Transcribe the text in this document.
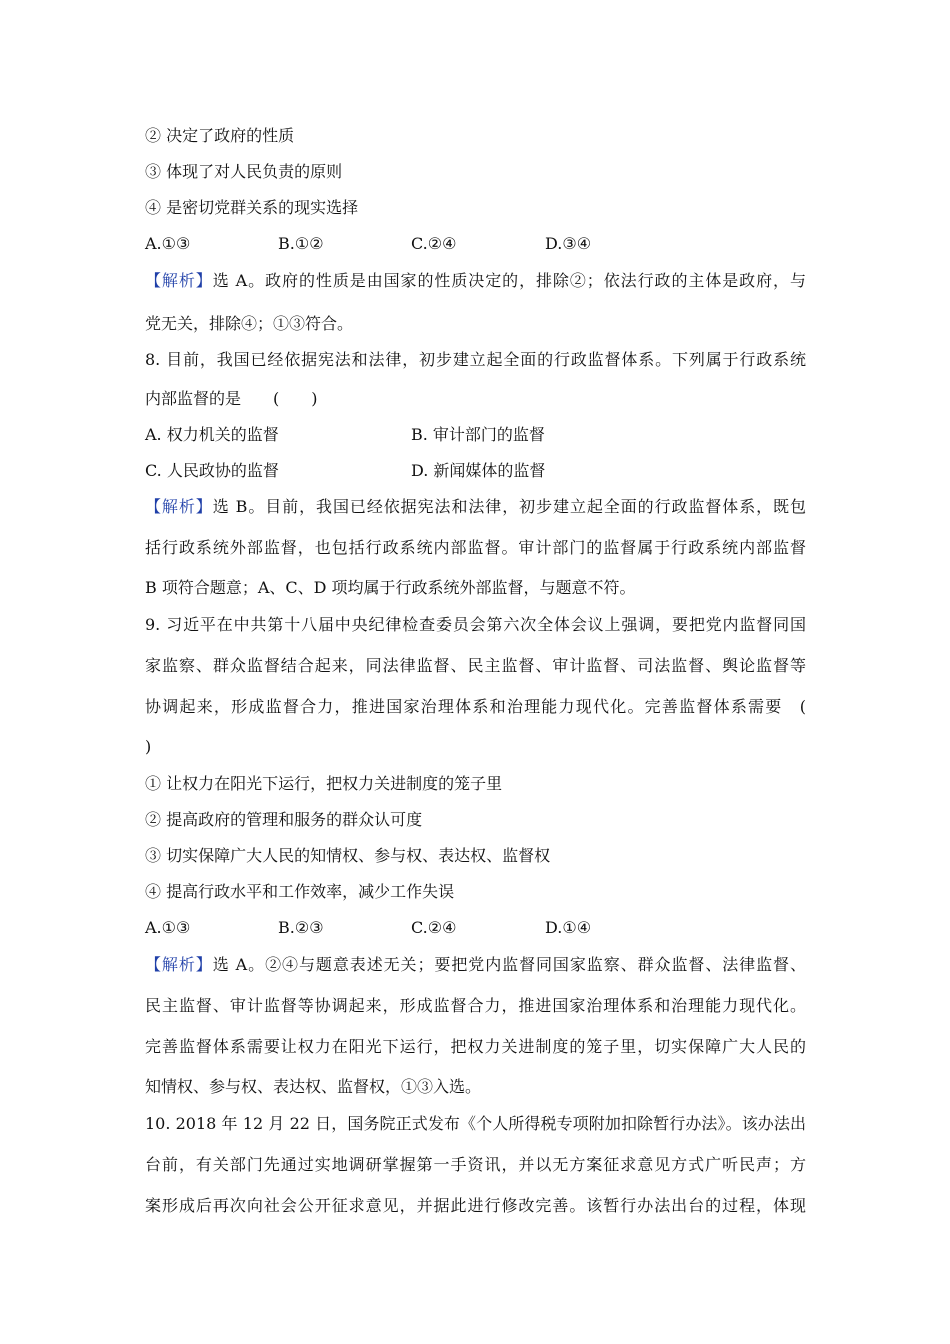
② 决定了政府的性质
③ 体现了对人民负责的原则
④ 是密切党群关系的现实选择
A.①③	B.①②	C.②④	D.③④
【解析】选 A。政府的性质是由国家的性质决定的，排除②；依法行政的主体是政府，与
党无关，排除④；①③符合。
8. 目前，我国已经依据宪法和法律，初步建立起全面的行政监督体系。下列属于行政系统
内部监督的是　　(　　)
A. 权力机关的监督	B. 审计部门的监督
C. 人民政协的监督	D. 新闻媒体的监督
【解析】选 B。目前，我国已经依据宪法和法律，初步建立起全面的行政监督体系，既包
括行政系统外部监督，也包括行政系统内部监督。审计部门的监督属于行政系统内部监督
B 项符合题意；A、C、D 项均属于行政系统外部监督，与题意不符。
9. 习近平在中共第十八届中央纪律检查委员会第六次全体会议上强调，要把党内监督同国
家监察、群众监督结合起来，同法律监督、民主监督、审计监督、司法监督、舆论监督等
协调起来，形成监督合力，推进国家治理体系和治理能力现代化。完善监督体系需要　(
)
① 让权力在阳光下运行，把权力关进制度的笼子里
② 提高政府的管理和服务的群众认可度
③ 切实保障广大人民的知情权、参与权、表达权、监督权
④ 提高行政水平和工作效率，减少工作失误
A.①③	B.②③	C.②④	D.①④
【解析】选 A。②④与题意表述无关；要把党内监督同国家监察、群众监督、法律监督、
民主监督、审计监督等协调起来，形成监督合力，推进国家治理体系和治理能力现代化。
完善监督体系需要让权力在阳光下运行，把权力关进制度的笼子里，切实保障广大人民的
知情权、参与权、表达权、监督权，①③入选。
10. 2018 年 12 月 22 日，国务院正式发布《个人所得税专项附加扣除暂行办法》。该办法出
台前，有关部门先通过实地调研掌握第一手资讯，并以无方案征求意见方式广听民声；方
案形成后再次向社会公开征求意见，并据此进行修改完善。该暂行办法出台的过程，体现
